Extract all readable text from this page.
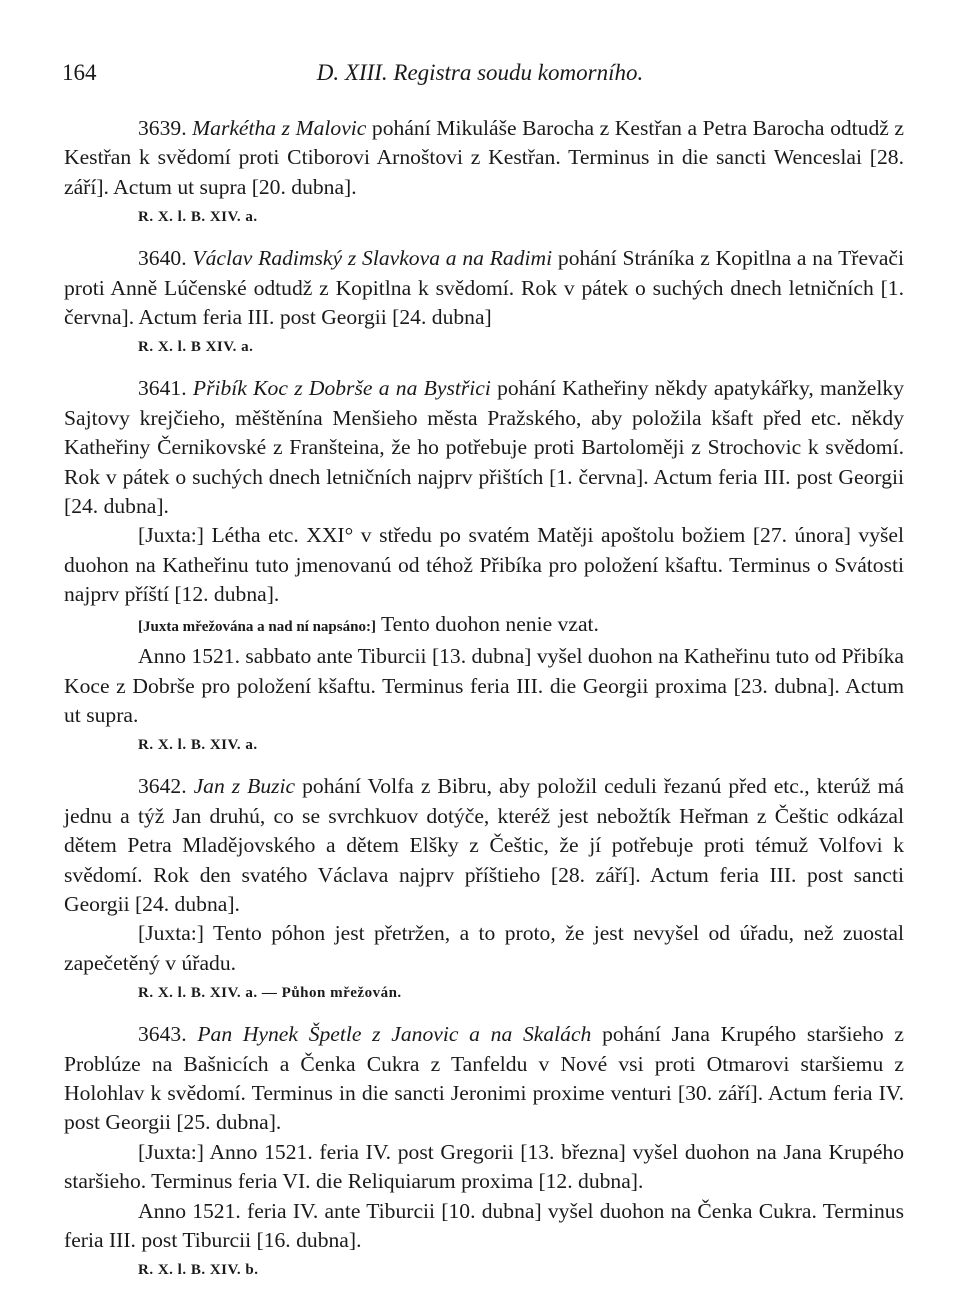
164	D. XIII. Registra soudu komorního.

3639. Markétha z Malovic pohání Mikuláše Barocha z Kestřan a Petra Barocha odtudž z Kestřan k svědomí proti Ctiborovi Arnoštovi z Kestřan. Terminus in die sancti Wenceslai [28. září]. Actum ut supra [20. dubna].

R. X. l. B. XIV. a.

3640. Václav Radimský z Slavkova a na Radimi pohání Stráníka z Kopitlna a na Třevači proti Anně Lúčenské odtudž z Kopitlna k svědomí. Rok v pátek o suchých dnech letničních [1. června]. Actum feria III. post Georgii [24. dubna]

R. X. l. B XIV. a.

3641. Přibík Koc z Dobrše a na Bystřici pohání Katheřiny někdy apatykářky, manželky Sajtovy krejčieho, měštěnína Menšieho města Pražského, aby položila kšaft před etc. někdy Katheřiny Černikovské z Franšteina, že ho potřebuje proti Bartoloměji z Strochovic k svědomí. Rok v pátek o suchých dnech letničních najprv přištích [1. června]. Actum feria III. post Georgii [24. dubna].

[Juxta:] Létha etc. XXI° v středu po svatém Matěji apoštolu božiem [27. února] vyšel duohon na Katheřinu tuto jmenovanú od téhož Přibíka pro položení kšaftu. Terminus o Svátosti najprv příští [12. dubna].

[Juxta mřežována a nad ní napsáno:] Tento duohon nenie vzat.

Anno 1521. sabbato ante Tiburcii [13. dubna] vyšel duohon na Katheřinu tuto od Přibíka Koce z Dobrše pro položení kšaftu. Terminus feria III. die Georgii proxima [23. dubna]. Actum ut supra.

R. X. l. B. XIV. a.

3642. Jan z Buzic pohání Volfa z Bibru, aby položil ceduli řezanú před etc., kterúž má jednu a týž Jan druhú, co se svrchkuov dotýče, kteréž jest nebožtík Heřman z Češtic odkázal dětem Petra Mladějovského a dětem Elšky z Češtic, že jí potřebuje proti témuž Volfovi k svědomí. Rok den svatého Václava najprv příštieho [28. září]. Actum feria III. post sancti Georgii [24. dubna].

[Juxta:] Tento póhon jest přetržen, a to proto, že jest nevyšel od úřadu, než zuostal zapečetěný v úřadu.

R. X. l. B. XIV. a. — Půhon mřežován.

3643. Pan Hynek Špetle z Janovic a na Skalách pohání Jana Krupého staršieho z Problúze na Bašnicích a Čenka Cukra z Tanfeldu v Nové vsi proti Otmarovi staršiemu z Holohlav k svědomí. Terminus in die sancti Jeronimi proxime venturi [30. září]. Actum feria IV. post Georgii [25. dubna].

[Juxta:] Anno 1521. feria IV. post Gregorii [13. března] vyšel duohon na Jana Krupého staršieho. Terminus feria VI. die Reliquiarum proxima [12. dubna].

Anno 1521. feria IV. ante Tiburcii [10. dubna] vyšel duohon na Čenka Cukra. Terminus feria III. post Tiburcii [16. dubna].

R. X. l. B. XIV. b.
